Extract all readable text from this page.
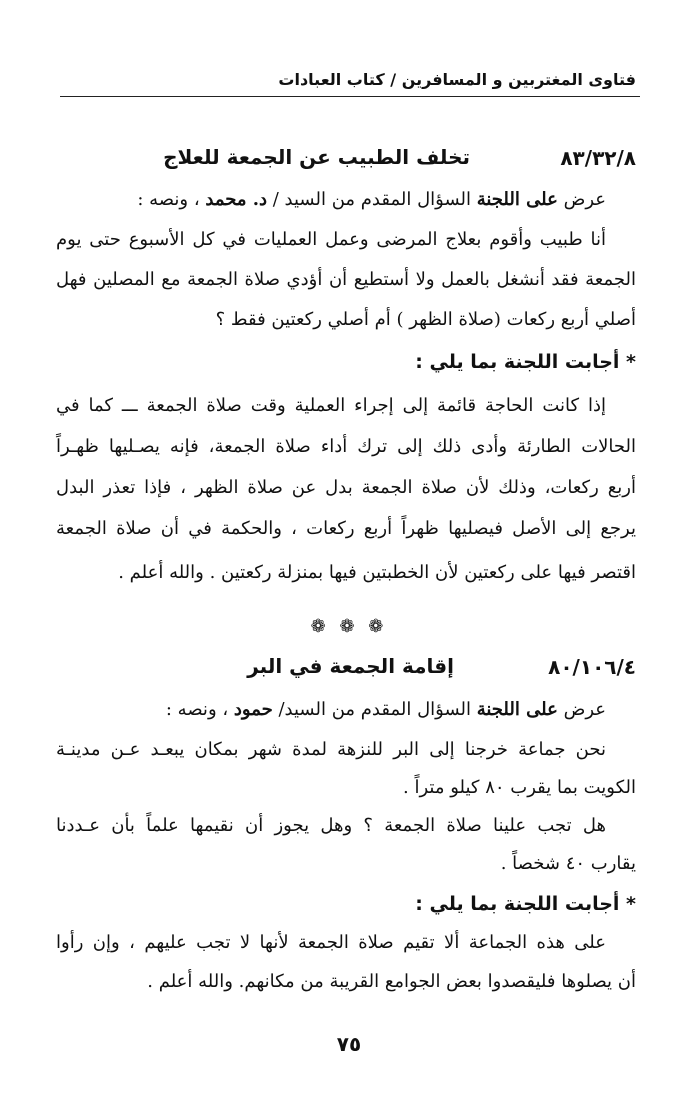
فتاوى المغتربين و المسافرين / كتاب العبادات
٨٣/٣٢/٨
تخلف الطبيب عن الجمعة للعلاج
عرض على اللجنة السؤال المقدم من السيد / د. محمد ، ونصه :
أنا طبيب وأقوم بعلاج المرضى وعمل العمليات في كل الأسبوع حتى يوم
الجمعة فقد أنشغل بالعمل ولا أستطيع أن أؤدي صلاة الجمعة مع المصلين فهل
أصلي أربع ركعات (صلاة الظهر ) أم أصلي ركعتين فقط ؟
* أجابت اللجنة بما يلي :
إذا كانت الحاجة قائمة إلى إجراء العملية وقت صلاة الجمعة ـــ كما في
الحالات الطارئة وأدى ذلك إلى ترك أداء صلاة الجمعة، فإنه يصـليها ظهـراً
أربع ركعات، وذلك لأن صلاة الجمعة بدل عن صلاة الظهر ، فإذا تعذر البدل
يرجع إلى الأصل فيصليها ظهراً أربع ركعات ، والحكمة في أن صلاة الجمعة
اقتصر فيها على ركعتين لأن الخطبتين فيها بمنزلة ركعتين . والله أعلم .
❁ ❁ ❁
٨٠/١٠٦/٤
إقامة الجمعة في البر
عرض على اللجنة السؤال المقدم من السيد/ حمود ، ونصه :
نحن جماعة خرجنا إلى البر للنزهة لمدة شهر بمكان يبعـد عـن مدينـة
الكويت بما يقرب ٨٠ كيلو متراً .
هل تجب علينا صلاة الجمعة ؟ وهل يجوز أن نقيمها علماً بأن عـددنا
يقارب ٤٠ شخصاً .
* أجابت اللجنة بما يلي :
على هذه الجماعة ألا تقيم صلاة الجمعة لأنها لا تجب عليهم ، وإن رأوا
أن يصلوها فليقصدوا بعض الجوامع القريبة من مكانهم. والله أعلم .
٧٥
